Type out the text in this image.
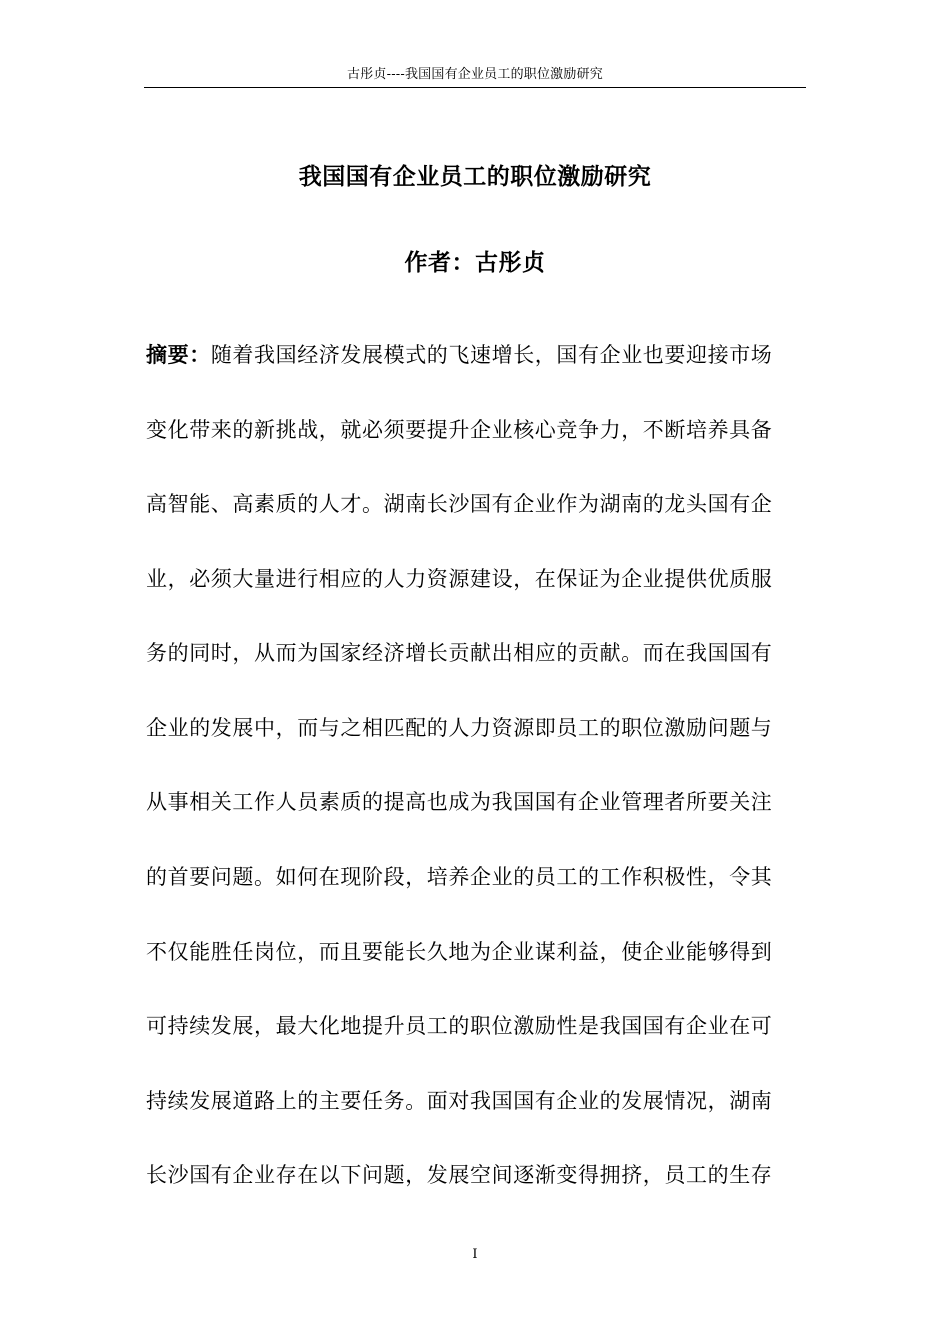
古彤贞----我国国有企业员工的职位激励研究
我国国有企业员工的职位激励研究
作者：古彤贞
摘要：随着我国经济发展模式的飞速增长，国有企业也要迎接市场
变化带来的新挑战，就必须要提升企业核心竞争力，不断培养具备
高智能、高素质的人才。湖南长沙国有企业作为湖南的龙头国有企
业，必须大量进行相应的人力资源建设，在保证为企业提供优质服
务的同时，从而为国家经济增长贡献出相应的贡献。而在我国国有
企业的发展中，而与之相匹配的人力资源即员工的职位激励问题与
从事相关工作人员素质的提高也成为我国国有企业管理者所要关注
的首要问题。如何在现阶段，培养企业的员工的工作积极性，令其
不仅能胜任岗位，而且要能长久地为企业谋利益，使企业能够得到
可持续发展，最大化地提升员工的职位激励性是我国国有企业在可
持续发展道路上的主要任务。面对我国国有企业的发展情况，湖南
长沙国有企业存在以下问题，发展空间逐渐变得拥挤，员工的生存
I
